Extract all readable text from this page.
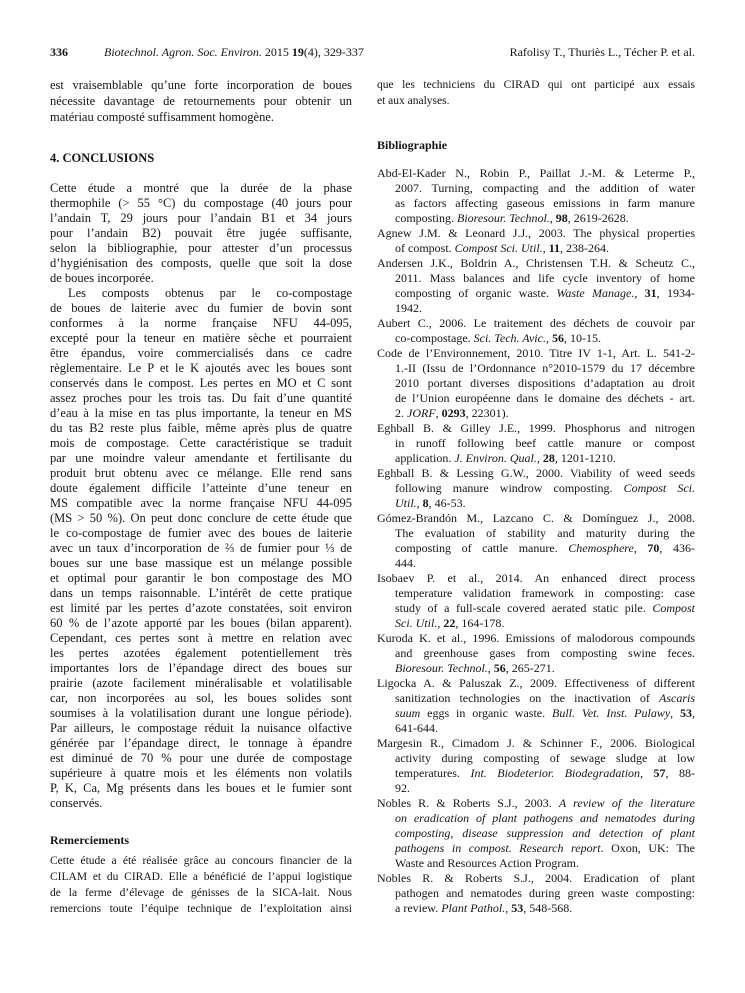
336	Biotechnol. Agron. Soc. Environ. 2015 19(4), 329-337	Rafolisy T., Thuriès L., Técher P. et al.
est vraisemblable qu’une forte incorporation de boues
nécessite davantage de retournements pour obtenir un
matériau composté suffisamment homogène.
4. CONCLUSIONS
Cette étude a montré que la durée de la phase
thermophile (> 55 °C) du compostage (40 jours pour
l’andain T, 29 jours pour l’andain B1 et 34 jours
pour l’andain B2) pouvait être jugée suffisante,
selon la bibliographie, pour attester d’un processus
d’hygiénisation des composts, quelle que soit la dose
de boues incorporée.
Les composts obtenus par le co-compostage
de boues de laiterie avec du fumier de bovin sont
conformes à la norme française NFU 44-095,
excepté pour la teneur en matière sèche et pourraient
être épandus, voire commercialisés dans ce cadre
règlementaire. Le P et le K ajoutés avec les boues sont
conservés dans le compost. Les pertes en MO et C sont
assez proches pour les trois tas. Du fait d’une quantité
d’eau à la mise en tas plus importante, la teneur en MS
du tas B2 reste plus faible, même après plus de quatre
mois de compostage. Cette caractéristique se traduit
par une moindre valeur amendante et fertilisante du
produit brut obtenu avec ce mélange. Elle rend sans
doute également difficile l’atteinte d’une teneur en
MS compatible avec la norme française NFU 44-095
(MS > 50 %). On peut donc conclure de cette étude que
le co-compostage de fumier avec des boues de laiterie
avec un taux d’incorporation de ⅔ de fumier pour ⅓ de
boues sur une base massique est un mélange possible
et optimal pour garantir le bon compostage des MO
dans un temps raisonnable. L’intérêt de cette pratique
est limité par les pertes d’azote constatées, soit environ
60 % de l’azote apporté par les boues (bilan apparent).
Cependant, ces pertes sont à mettre en relation avec
les pertes azotées également potentiellement très
importantes lors de l’épandage direct des boues sur
prairie (azote facilement minéralisable et volatilisable
car, non incorporées au sol, les boues solides sont
soumises à la volatilisation durant une longue période).
Par ailleurs, le compostage réduit la nuisance olfactive
générée par l’épandage direct, le tonnage à épandre
est diminué de 70 % pour une durée de compostage
supérieure à quatre mois et les éléments non volatils
P, K, Ca, Mg présents dans les boues et le fumier sont
conservés.
Remerciements
Cette étude a été réalisée grâce au concours financier de la
CILAM et du CIRAD. Elle a bénéficié de l’appui logistique
de la ferme d’élevage de génisses de la SICA-lait. Nous
remercions toute l’équipe technique de l’exploitation ainsi
que les techniciens du CIRAD qui ont participé aux essais
et aux analyses.
Bibliographie
Abd-El-Kader N., Robin P., Paillat J.-M. & Leterme P.,
2007. Turning, compacting and the addition of water
as factors affecting gaseous emissions in farm manure
composting. Bioresour. Technol., 98, 2619-2628.
Agnew J.M. & Leonard J.J., 2003. The physical properties
of compost. Compost Sci. Util., 11, 238-264.
Andersen J.K., Boldrin A., Christensen T.H. & Scheutz C.,
2011. Mass balances and life cycle inventory of home
composting of organic waste. Waste Manage., 31, 1934-
1942.
Aubert C., 2006. Le traitement des déchets de couvoir par
co-compostage. Sci. Tech. Avic., 56, 10-15.
Code de l’Environnement, 2010. Titre IV 1-1, Art. L. 541-2-
1.-II (Issu de l’Ordonnance n°2010-1579 du 17 décembre
2010 portant diverses dispositions d’adaptation au droit
de l’Union européenne dans le domaine des déchets - art.
2. JORF, 0293, 22301).
Eghball B. & Gilley J.E., 1999. Phosphorus and nitrogen
in runoff following beef cattle manure or compost
application. J. Environ. Qual., 28, 1201-1210.
Eghball B. & Lessing G.W., 2000. Viability of weed seeds
following manure windrow composting. Compost Sci.
Util., 8, 46-53.
Gómez-Brandón M., Lazcano C. & Domínguez J., 2008.
The evaluation of stability and maturity during the
composting of cattle manure. Chemosphere, 70, 436-
444.
Isobaev P. et al., 2014. An enhanced direct process
temperature validation framework in composting: case
study of a full-scale covered aerated static pile. Compost
Sci. Util., 22, 164-178.
Kuroda K. et al., 1996. Emissions of malodorous compounds
and greenhouse gases from composting swine feces.
Bioresour. Technol., 56, 265-271.
Ligocka A. & Paluszak Z., 2009. Effectiveness of different
sanitization technologies on the inactivation of Ascaris
suum eggs in organic waste. Bull. Vet. Inst. Pulawy, 53,
641-644.
Margesin R., Cimadom J. & Schinner F., 2006. Biological
activity during composting of sewage sludge at low
temperatures. Int. Biodeterior. Biodegradation, 57, 88-
92.
Nobles R. & Roberts S.J., 2003. A review of the literature
on eradication of plant pathogens and nematodes during
composting, disease suppression and detection of plant
pathogens in compost. Research report. Oxon, UK: The
Waste and Resources Action Program.
Nobles R. & Roberts S.J., 2004. Eradication of plant
pathogen and nematodes during green waste composting:
a review. Plant Pathol., 53, 548-568.
